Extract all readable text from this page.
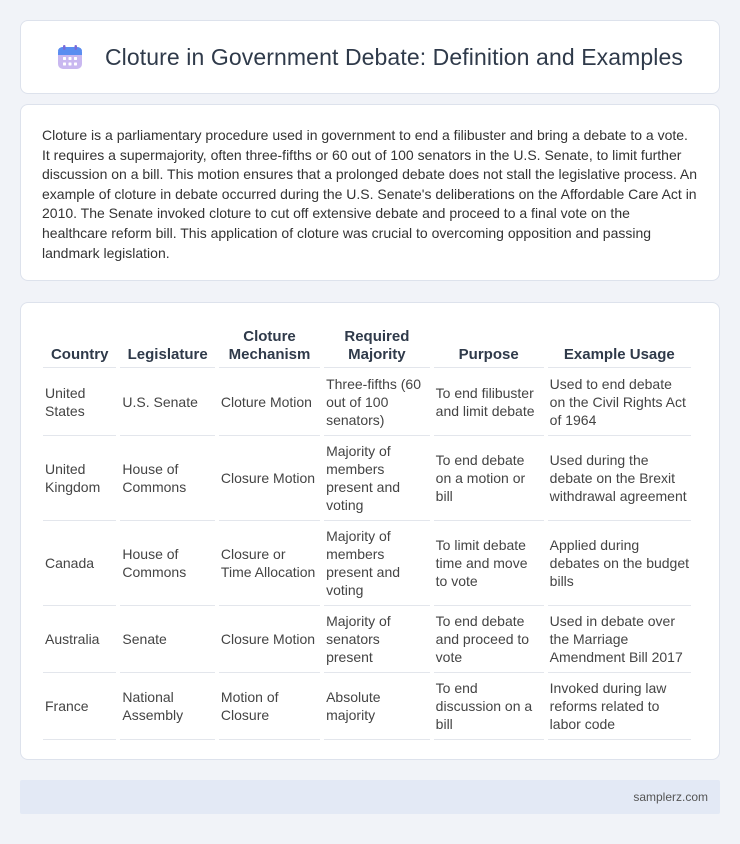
Cloture in Government Debate: Definition and Examples

Cloture is a parliamentary procedure used in government to end a filibuster and bring a debate to a vote. It requires a supermajority, often three-fifths or 60 out of 100 senators in the U.S. Senate, to limit further discussion on a bill. This motion ensures that a prolonged debate does not stall the legislative process. An example of cloture in debate occurred during the U.S. Senate's deliberations on the Affordable Care Act in 2010. The Senate invoked cloture to cut off extensive debate and proceed to a final vote on the healthcare reform bill. This application of cloture was crucial to overcoming opposition and passing landmark legislation.

Country	Legislature	Cloture Mechanism	Required Majority	Purpose	Example Usage
United States	U.S. Senate	Cloture Motion	Three-fifths (60 out of 100 senators)	To end filibuster and limit debate	Used to end debate on the Civil Rights Act of 1964
United Kingdom	House of Commons	Closure Motion	Majority of members present and voting	To end debate on a motion or bill	Used during the debate on the Brexit withdrawal agreement
Canada	House of Commons	Closure or Time Allocation	Majority of members present and voting	To limit debate time and move to vote	Applied during debates on the budget bills
Australia	Senate	Closure Motion	Majority of senators present	To end debate and proceed to vote	Used in debate over the Marriage Amendment Bill 2017
France	National Assembly	Motion of Closure	Absolute majority	To end discussion on a bill	Invoked during law reforms related to labor code
samplerz.com
